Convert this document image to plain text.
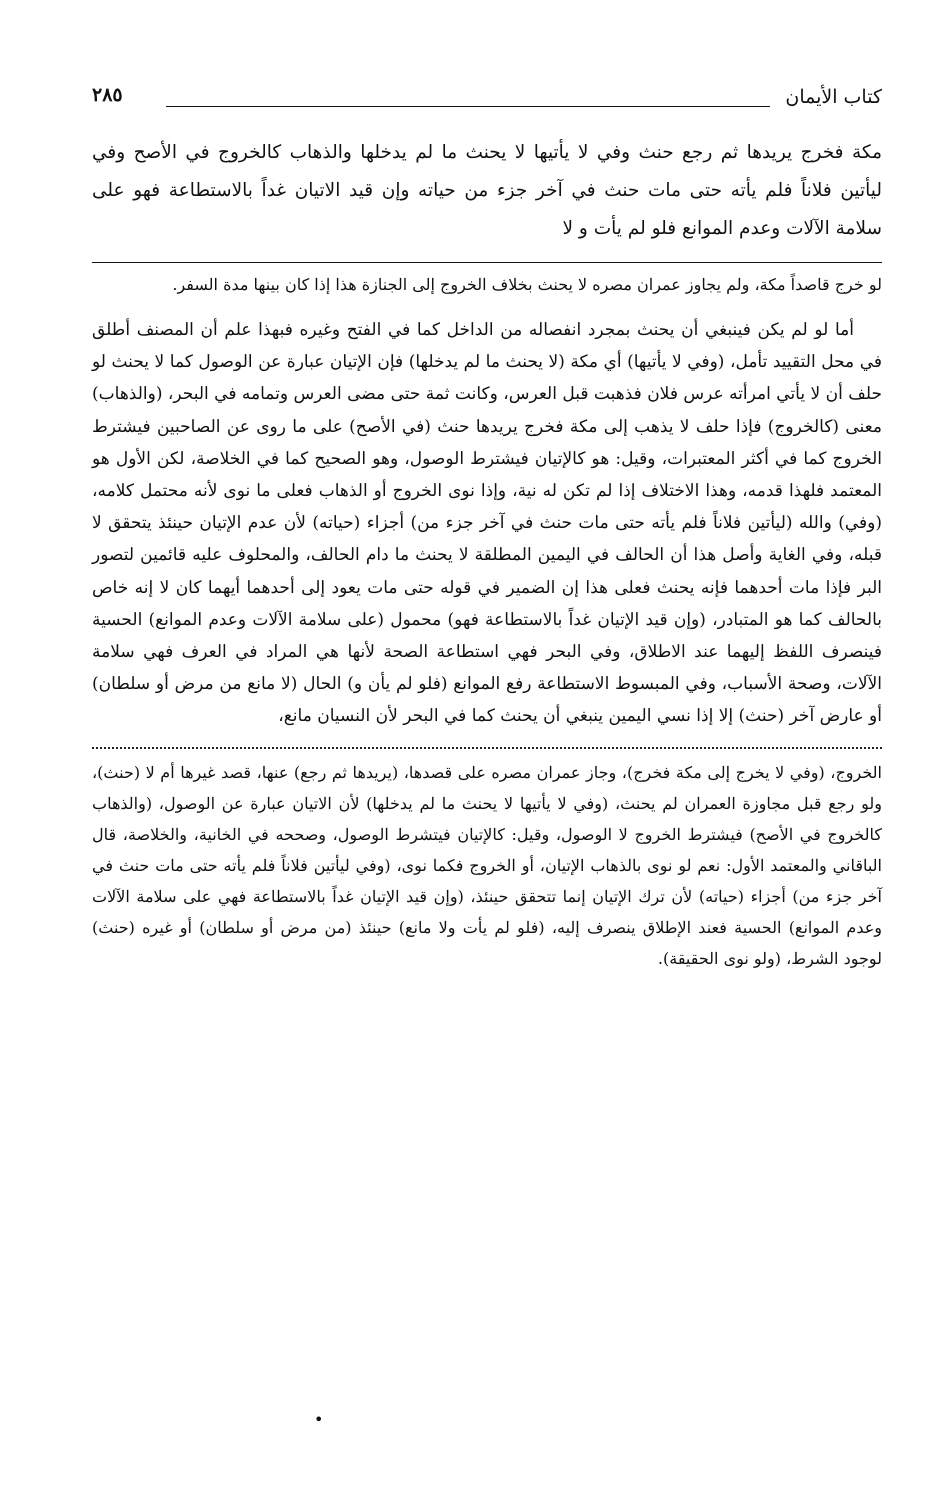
كتاب الأيمان
٢٨٥

مكة فخرج يريدها ثم رجع حنث وفي لا يأتيها لا يحنث ما لم يدخلها والذهاب كالخروج في الأصح وفي ليأتين فلاناً فلم يأته حتى مات حنث في آخر جزء من حياته وإن قيد الاتيان غداً بالاستطاعة فهو على سلامة الآلات وعدم الموانع فلو لم يأت و لا

لو خرج قاصداً مكة، ولم يجاوز عمران مصره لا يحنث بخلاف الخروج إلى الجنازة هذا إذا كان بينها مدة السفر.

أما لو لم يكن فينبغي أن يحنث بمجرد انفصاله من الداخل كما في الفتح وغيره فبهذا علم أن المصنف أطلق في محل التقييد تأمل، (وفي لا يأتيها) أي مكة (لا يحنث ما لم يدخلها) فإن الإتيان عبارة عن الوصول كما لا يحنث لو حلف أن لا يأتي امرأته عرس فلان فذهبت قبل العرس، وكانت ثمة حتى مضى العرس وتمامه في البحر، (والذهاب) معنى (كالخروج) فإذا حلف لا يذهب إلى مكة فخرج يريدها حنث (في الأصح) على ما روى عن الصاحبين فيشترط الخروج كما في أكثر المعتبرات، وقيل: هو كالإتيان فيشترط الوصول، وهو الصحيح كما في الخلاصة، لكن الأول هو المعتمد فلهذا قدمه، وهذا الاختلاف إذا لم تكن له نية، وإذا نوى الخروج أو الذهاب فعلى ما نوى لأنه محتمل كلامه، (وفي) والله (ليأتين فلاناً فلم يأته حتى مات حنث في آخر جزء من) أجزاء (حياته) لأن عدم الإتيان حينئذ يتحقق لا قبله، وفي الغاية وأصل هذا أن الحالف في اليمين المطلقة لا يحنث ما دام الحالف، والمحلوف عليه قائمين لتصور البر فإذا مات أحدهما فإنه يحنث فعلى هذا إن الضمير في قوله حتى مات يعود إلى أحدهما أيهما كان لا إنه خاص بالحالف كما هو المتبادر، (وإن قيد الإتيان غداً بالاستطاعة فهو) محمول (على سلامة الآلات وعدم الموانع) الحسية فينصرف اللفظ إليهما عند الاطلاق، وفي البحر فهي استطاعة الصحة لأنها هي المراد في العرف فهي سلامة الآلات، وصحة الأسباب، وفي المبسوط الاستطاعة رفع الموانع (فلو لم يأن و) الحال (لا مانع من مرض أو سلطان) أو عارض آخر (حنث) إلا إذا نسي اليمين ينبغي أن يحنث كما في البحر لأن النسيان مانع،

الخروج، (وفي لا يخرج إلى مكة فخرج)، وجاز عمران مصره على قصدها، (يريدها ثم رجع) عنها، قصد غيرها أم لا (حنث)، ولو رجع قبل مجاوزة العمران لم يحنث، (وفي لا يأتيها لا يحنث ما لم يدخلها) لأن الاتيان عبارة عن الوصول، (والذهاب كالخروج في الأصح) فيشترط الخروج لا الوصول، وقيل: كالإتيان فيتشرط الوصول، وصححه في الخانية، والخلاصة، قال الباقاني والمعتمد الأول: نعم لو نوى بالذهاب الإتيان، أو الخروج فكما نوى، (وفي ليأتين فلاناً فلم يأته حتى مات حنث في آخر جزء من) أجزاء (حياته) لأن ترك الإتيان إنما تتحقق حينئذ، (وإن قيد الإتيان غداً بالاستطاعة فهي على سلامة الآلات وعدم الموانع) الحسية فعند الإطلاق ينصرف إليه، (فلو لم يأت ولا مانع) حينئذ (من مرض أو سلطان) أو غيره (حنث) لوجود الشرط، (ولو نوى الحقيقة).

•
